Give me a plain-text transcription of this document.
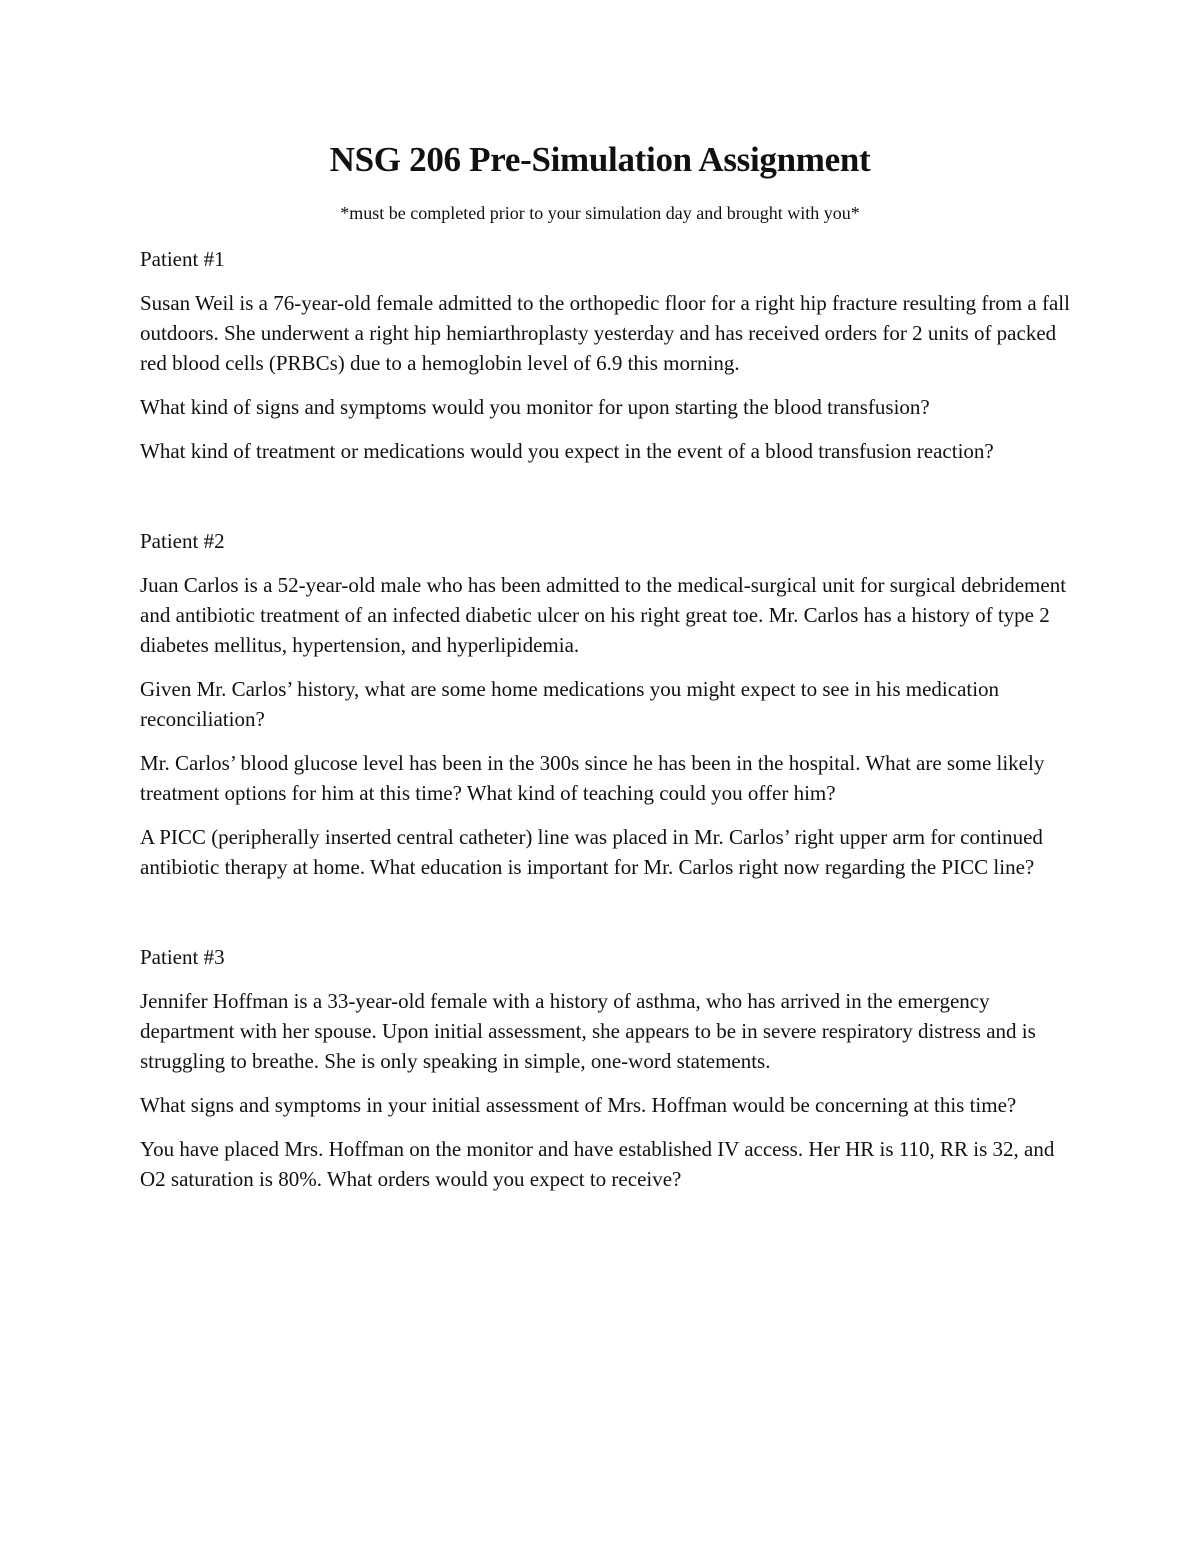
NSG 206 Pre-Simulation Assignment
*must be completed prior to your simulation day and brought with you*

Patient #1

Susan Weil is a 76-year-old female admitted to the orthopedic floor for a right hip fracture resulting from a fall outdoors. She underwent a right hip hemiarthroplasty yesterday and has received orders for 2 units of packed red blood cells (PRBCs) due to a hemoglobin level of 6.9 this morning.

What kind of signs and symptoms would you monitor for upon starting the blood transfusion?

What kind of treatment or medications would you expect in the event of a blood transfusion reaction?

Patient #2

Juan Carlos is a 52-year-old male who has been admitted to the medical-surgical unit for surgical debridement and antibiotic treatment of an infected diabetic ulcer on his right great toe. Mr. Carlos has a history of type 2 diabetes mellitus, hypertension, and hyperlipidemia.

Given Mr. Carlos’ history, what are some home medications you might expect to see in his medication reconciliation?

Mr. Carlos’ blood glucose level has been in the 300s since he has been in the hospital. What are some likely treatment options for him at this time? What kind of teaching could you offer him?

A PICC (peripherally inserted central catheter) line was placed in Mr. Carlos’ right upper arm for continued antibiotic therapy at home. What education is important for Mr. Carlos right now regarding the PICC line?

Patient #3

Jennifer Hoffman is a 33-year-old female with a history of asthma, who has arrived in the emergency department with her spouse. Upon initial assessment, she appears to be in severe respiratory distress and is struggling to breathe. She is only speaking in simple, one-word statements.

What signs and symptoms in your initial assessment of Mrs. Hoffman would be concerning at this time?

You have placed Mrs. Hoffman on the monitor and have established IV access. Her HR is 110, RR is 32, and O2 saturation is 80%. What orders would you expect to receive?
